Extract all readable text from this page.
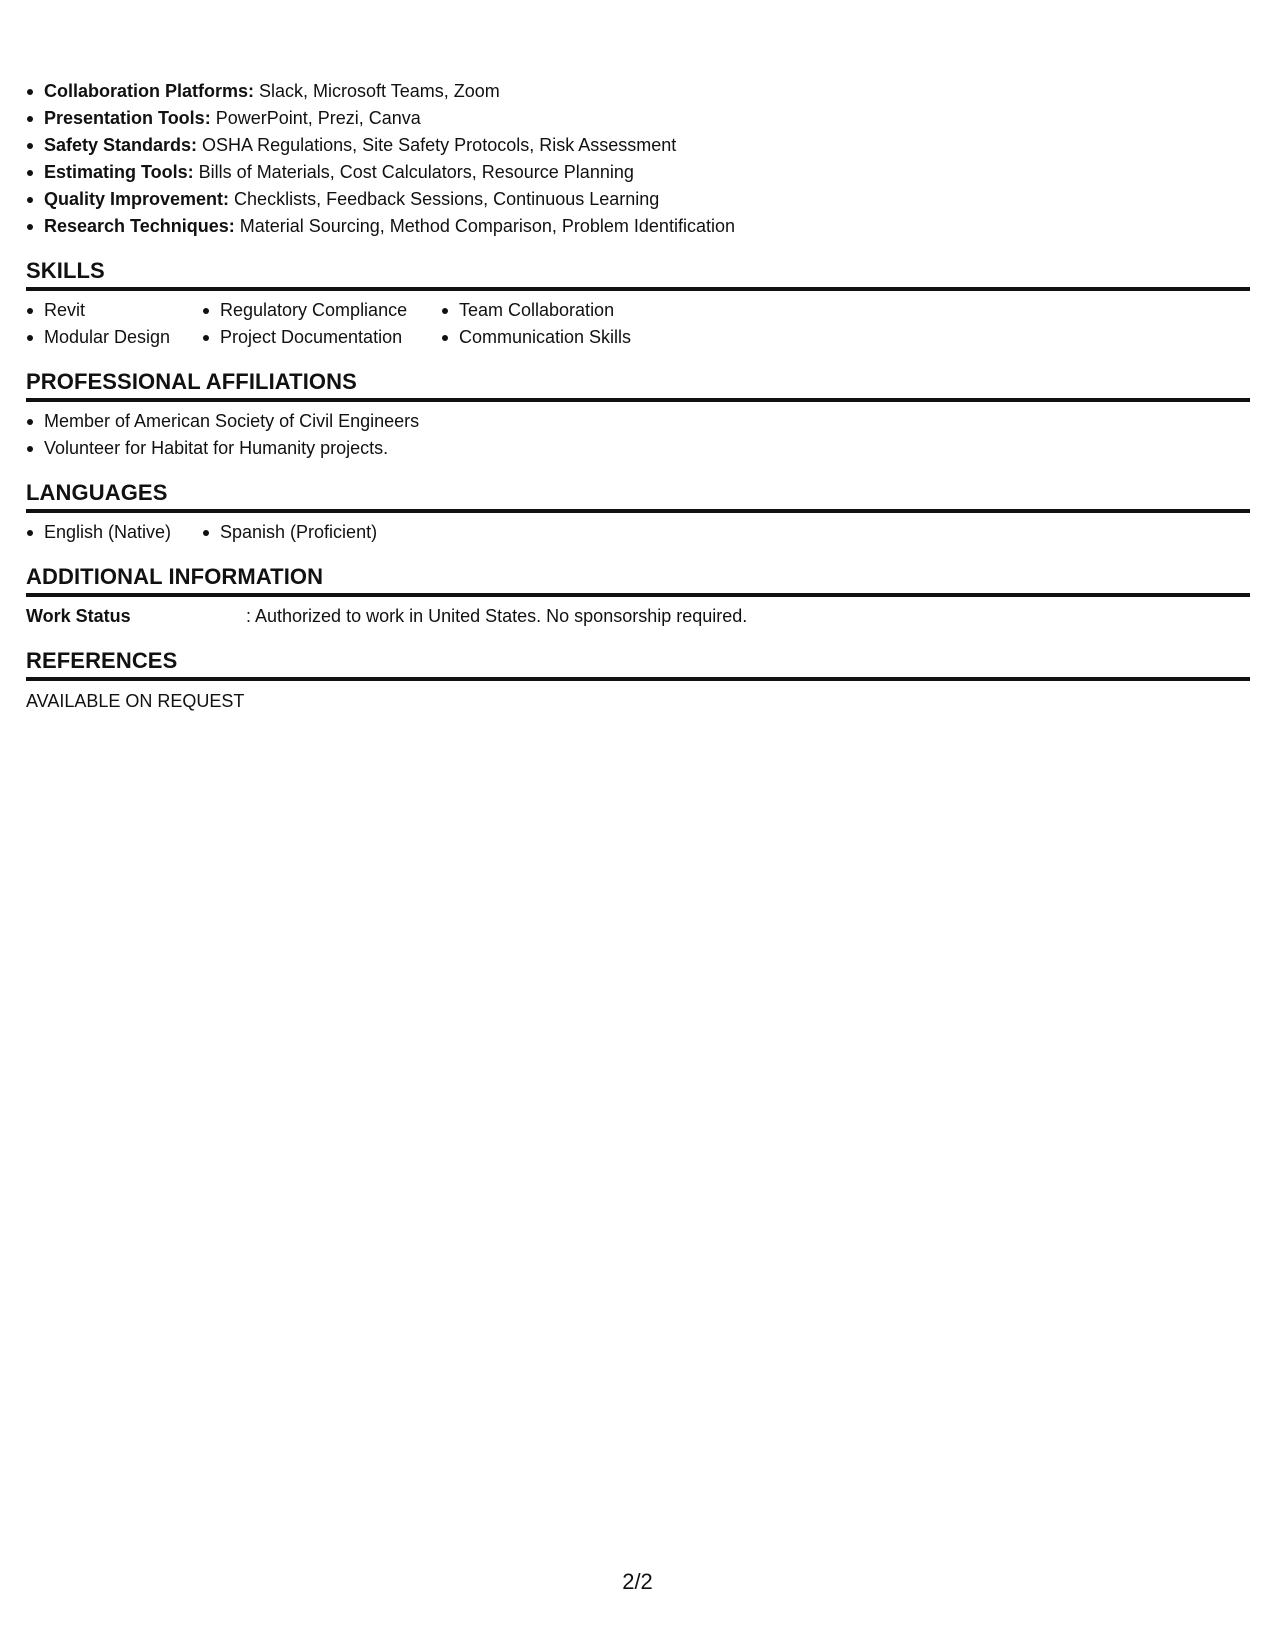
Collaboration Platforms: Slack, Microsoft Teams, Zoom
Presentation Tools: PowerPoint, Prezi, Canva
Safety Standards: OSHA Regulations, Site Safety Protocols, Risk Assessment
Estimating Tools: Bills of Materials, Cost Calculators, Resource Planning
Quality Improvement: Checklists, Feedback Sessions, Continuous Learning
Research Techniques: Material Sourcing, Method Comparison, Problem Identification
SKILLS
Revit	Regulatory Compliance	Team Collaboration
Modular Design	Project Documentation	Communication Skills
PROFESSIONAL AFFILIATIONS
Member of American Society of Civil Engineers
Volunteer for Habitat for Humanity projects.
LANGUAGES
English (Native)	Spanish (Proficient)
ADDITIONAL INFORMATION
Work Status	: Authorized to work in United States. No sponsorship required.
REFERENCES
AVAILABLE ON REQUEST
2/2
